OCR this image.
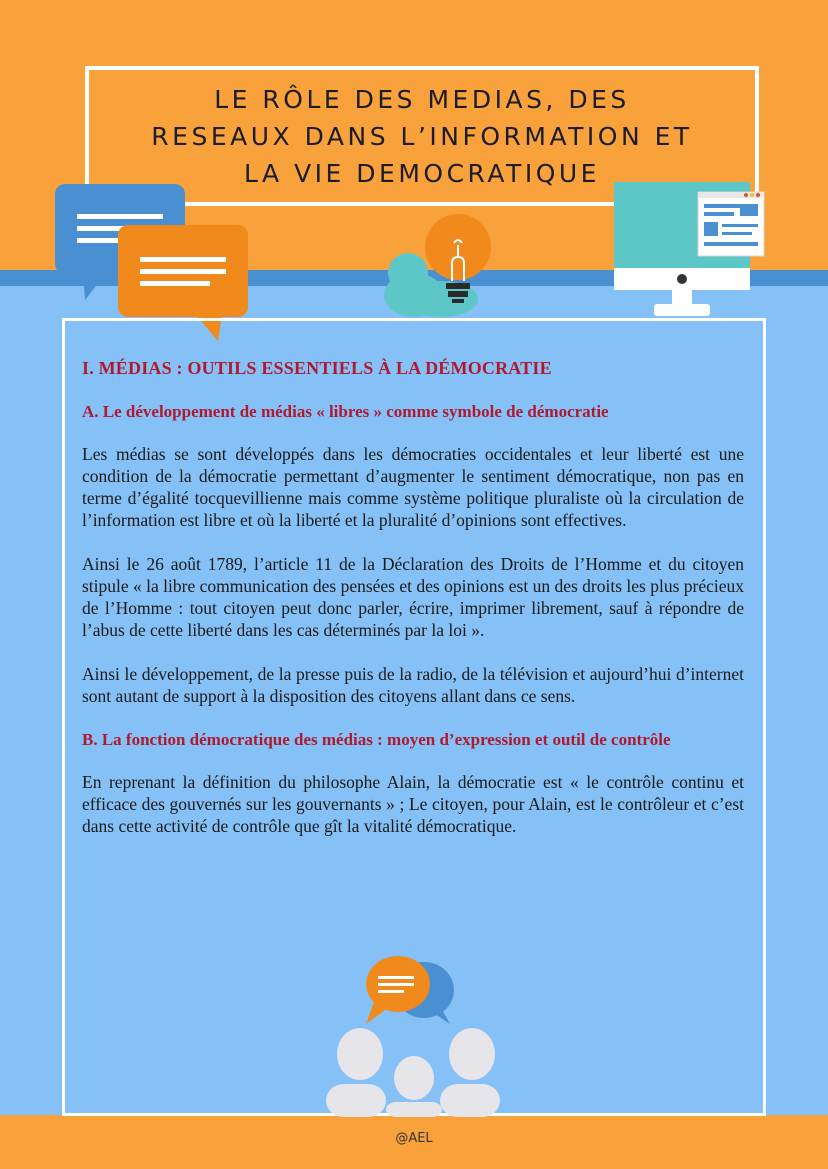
LE RÔLE DES MEDIAS, DES
RESEAUX DANS L’INFORMATION ET
LA VIE DEMOCRATIQUE
I. MÉDIAS : OUTILS ESSENTIELS À LA DÉMOCRATIE
A. Le développement de médias « libres » comme symbole de démocratie

Les médias se sont développés dans les démocraties occidentales et leur liberté est une condition de la démocratie permettant d’augmenter le sentiment démocratique, non pas en terme d’égalité tocquevillienne mais comme système politique pluraliste où la circulation de l’information est libre et où la liberté et la pluralité d’opinions sont effectives.

Ainsi le 26 août 1789, l’article 11 de la Déclaration des Droits de l’Homme et du citoyen stipule « la libre communication des pensées et des opinions est un des droits les plus précieux de l’Homme : tout citoyen peut donc parler, écrire, imprimer librement, sauf à répondre de l’abus de cette liberté dans les cas déterminés par la loi ».

Ainsi le développement, de la presse puis de la radio, de la télévision et aujourd’hui d’internet sont autant de support à la disposition des citoyens allant dans ce sens.

B. La fonction démocratique des médias : moyen d’expression et outil de contrôle

En reprenant la définition du philosophe Alain, la démocratie est « le contrôle continu et efficace des gouvernés sur les gouvernants » ; Le citoyen, pour Alain, est le contrôleur et c’est dans cette activité de contrôle que gît la vitalité démocratique.

@AEL
